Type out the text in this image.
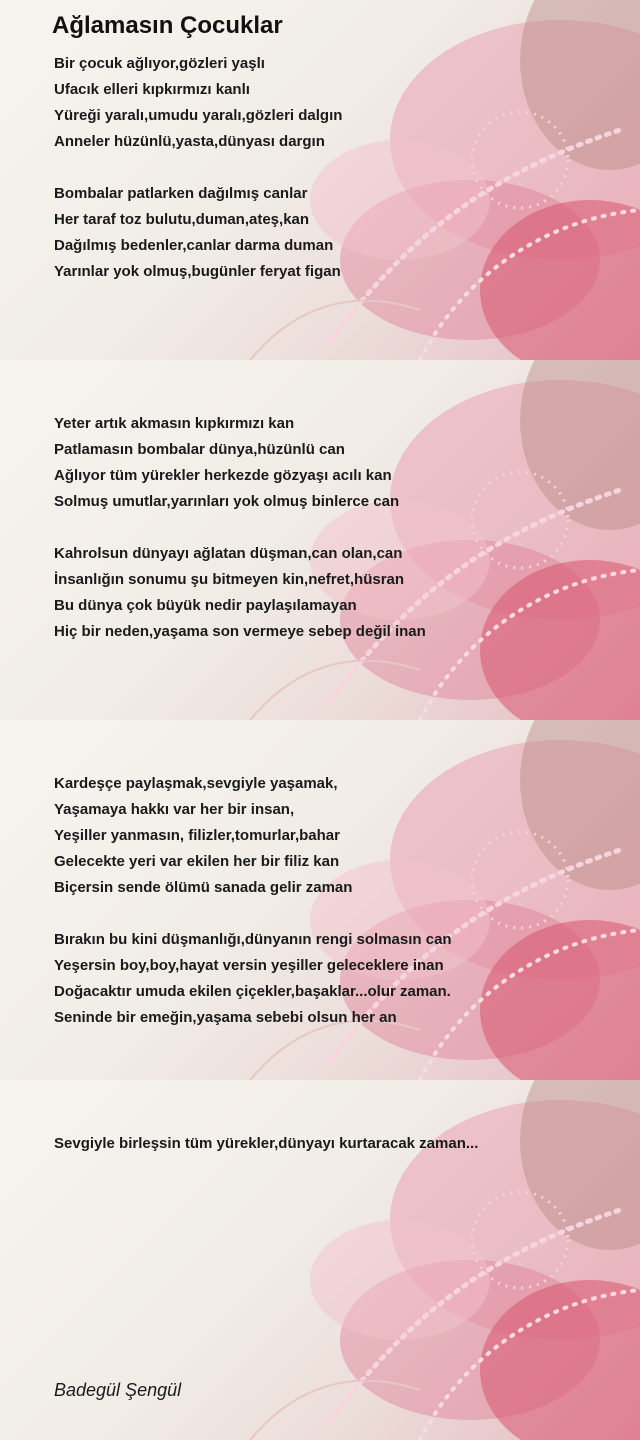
Ağlamasın Çocuklar
Bir çocuk ağlıyor,gözleri yaşlı
Ufacık elleri kıpkırmızı kanlı
Yüreği yaralı,umudu yaralı,gözleri dalgın
Anneler hüzünlü,yasta,dünyası dargın
Bombalar patlarken dağılmış canlar
Her taraf toz bulutu,duman,ateş,kan
Dağılmış bedenler,canlar darma duman
Yarınlar yok olmuş,bugünler feryat figan
Yeter artık akmasın kıpkırmızı kan
Patlamasın bombalar dünya,hüzünlü can
Ağlıyor tüm yürekler herkezde gözyaşı acılı kan
Solmuş umutlar,yarınları yok olmuş binlerce can
Kahrolsun dünyayı ağlatan düşman,can olan,can
İnsanlığın sonumu şu bitmeyen kin,nefret,hüsran
Bu dünya çok büyük nedir paylaşılamayan
Hiç bir neden,yaşama son vermeye sebep değil inan
Kardeşçe paylaşmak,sevgiyle yaşamak,
Yaşamaya hakkı var her bir insan,
Yeşiller yanmasın, filizler,tomurlar,bahar
Gelecekte yeri var ekilen her bir filiz kan
Biçersin sende ölümü sanada gelir zaman
Bırakın bu kini düşmanlığı,dünyanın rengi solmasın can
Yeşersin boy,boy,hayat versin yeşiller geleceklere inan
Doğacaktır umuda ekilen çiçekler,başaklar...olur zaman.
Seninde bir emeğin,yaşama sebebi olsun her an
Sevgiyle birleşsin tüm yürekler,dünyayı kurtaracak zaman...
Badegül Şengül
